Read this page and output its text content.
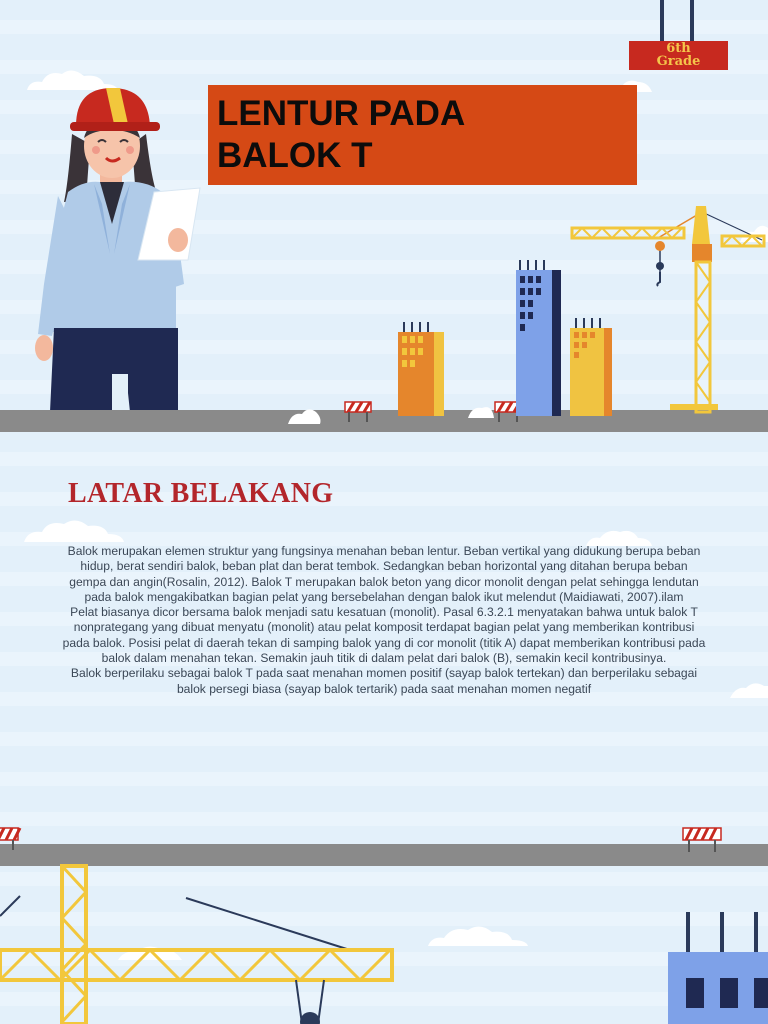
6th
Grade
LENTUR PADA
BALOK T
LATAR BELAKANG

Balok merupakan elemen struktur yang fungsinya menahan beban lentur. Beban vertikal yang didukung berupa beban hidup, berat sendiri balok, beban plat dan berat tembok. Sedangkan beban horizontal yang ditahan berupa beban gempa dan angin(Rosalin, 2012). Balok T merupakan balok beton yang dicor monolit dengan pelat sehingga lendutan pada balok mengakibatkan bagian pelat yang bersebelahan dengan balok ikut melendut (Maidiawati, 2007).ilam

Pelat biasanya dicor bersama balok menjadi satu kesatuan (monolit). Pasal 6.3.2.1 menyatakan bahwa untuk balok T nonprategang yang dibuat menyatu (monolit) atau pelat komposit terdapat bagian pelat yang memberikan kontribusi pada balok. Posisi pelat di daerah tekan di samping balok yang di cor monolit (titik A) dapat memberikan kontribusi pada balok dalam menahan tekan. Semakin jauh titik di dalam pelat dari balok (B), semakin kecil kontribusinya.

Balok berperilaku sebagai balok T pada saat menahan momen positif (sayap balok tertekan) dan berperilaku sebagai balok persegi biasa (sayap balok tertarik) pada saat menahan momen negatif
